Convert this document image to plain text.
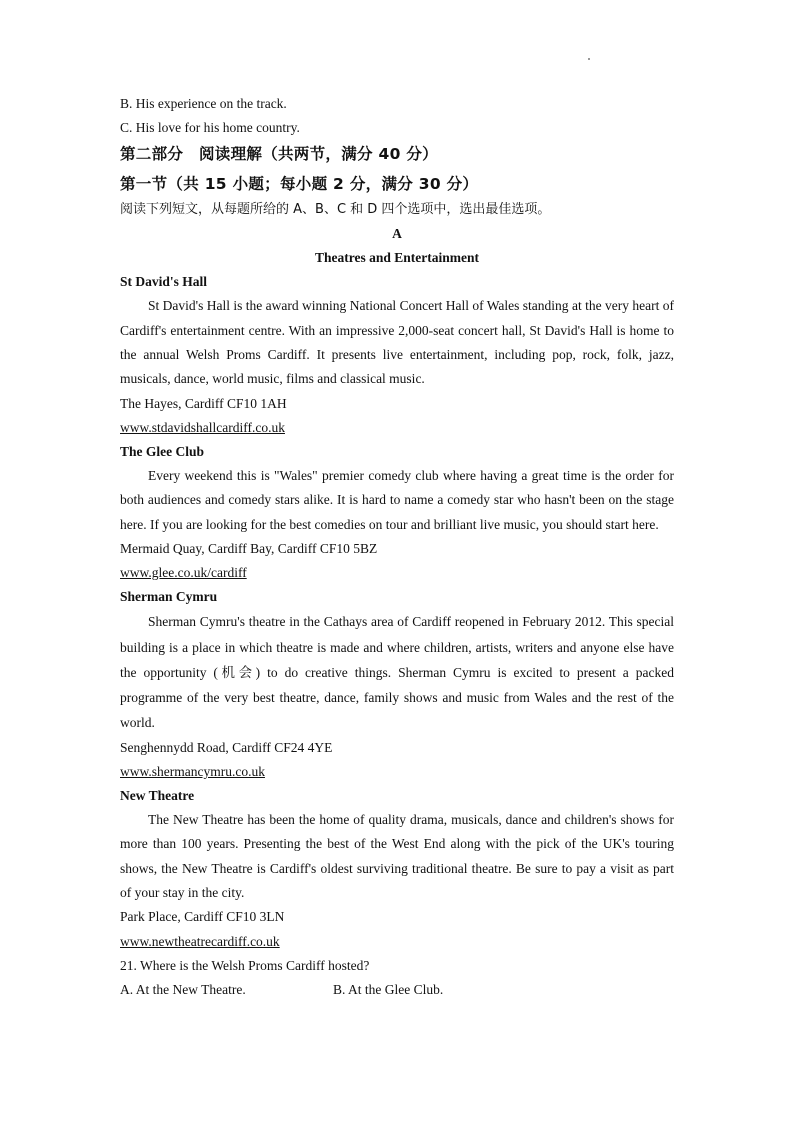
B. His experience on the track.
C. His love for his home country.
第二部分　阅读理解（共两节，满分 40 分）
第一节（共 15 小题；每小题 2 分，满分 30 分）
阅读下列短文，从每题所给的 A、B、C 和 D 四个选项中，选出最佳选项。
A
Theatres and Entertainment
St David's Hall
St David's Hall is the award winning National Concert Hall of Wales standing at the very heart of Cardiff's entertainment centre. With an impressive 2,000-seat concert hall, St David's Hall is home to the annual Welsh Proms Cardiff. It presents live entertainment, including pop, rock, folk, jazz, musicals, dance, world music, films and classical music.
The Hayes, Cardiff CF10 1AH
www.stdavidshallcardiff.co.uk
The Glee Club
Every weekend this is "Wales" premier comedy club where having a great time is the order for both audiences and comedy stars alike. It is hard to name a comedy star who hasn't been on the stage here. If you are looking for the best comedies on tour and brilliant live music, you should start here.
Mermaid Quay, Cardiff Bay, Cardiff CF10 5BZ
www.glee.co.uk/cardiff
Sherman Cymru
Sherman Cymru's theatre in the Cathays area of Cardiff reopened in February 2012. This special building is a place in which theatre is made and where children, artists, writers and anyone else have the opportunity (机会) to do creative things. Sherman Cymru is excited to present a packed programme of the very best theatre, dance, family shows and music from Wales and the rest of the world.
Senghennydd Road, Cardiff CF24 4YE
www.shermancymru.co.uk
New Theatre
The New Theatre has been the home of quality drama, musicals, dance and children's shows for more than 100 years. Presenting the best of the West End along with the pick of the UK's touring shows, the New Theatre is Cardiff's oldest surviving traditional theatre. Be sure to pay a visit as part of your stay in the city.
Park Place, Cardiff CF10 3LN
www.newtheatrecardiff.co.uk
21. Where is the Welsh Proms Cardiff hosted?
A. At the New Theatre.	B. At the Glee Club.
